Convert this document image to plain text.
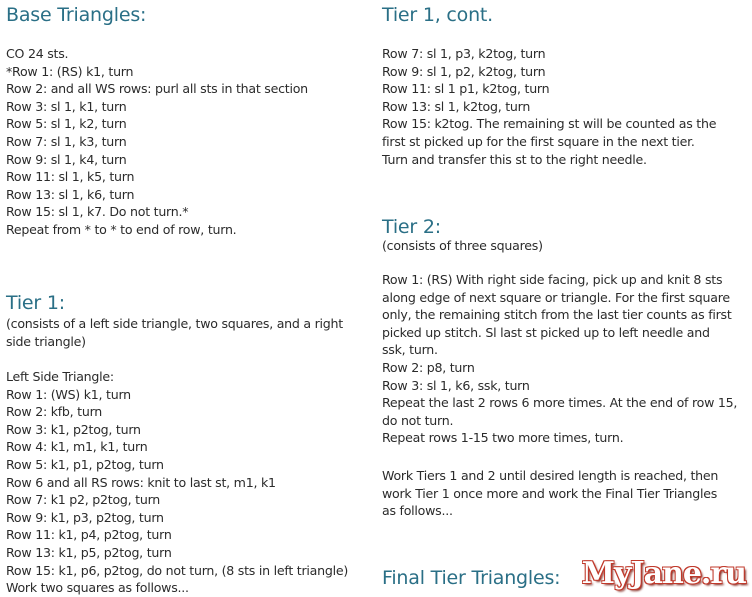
Base Triangles:
CO 24 sts.
*Row 1: (RS) k1, turn
Row 2: and all WS rows: purl all sts in that section
Row 3: sl 1, k1, turn
Row 5: sl 1, k2, turn
Row 7: sl 1, k3, turn
Row 9: sl 1, k4, turn
Row 11: sl 1, k5, turn
Row 13: sl 1, k6, turn
Row 15: sl 1, k7. Do not turn.*
Repeat from * to * to end of row, turn.
Tier 1:
(consists of a left side triangle, two squares, and a right
side triangle)
Left Side Triangle:
Row 1: (WS) k1, turn
Row 2: kfb, turn
Row 3: k1, p2tog, turn
Row 4: k1, m1, k1, turn
Row 5: k1, p1, p2tog, turn
Row 6 and all RS rows: knit to last st, m1, k1
Row 7: k1 p2, p2tog, turn
Row 9: k1, p3, p2tog, turn
Row 11: k1, p4, p2tog, turn
Row 13: k1, p5, p2tog, turn
Row 15: k1, p6, p2tog, do not turn, (8 sts in left triangle)
Work two squares as follows...
Tier 1, cont.
Row 7: sl 1, p3, k2tog, turn
Row 9: sl 1, p2, k2tog, turn
Row 11: sl 1 p1, k2tog, turn
Row 13: sl 1, k2tog, turn
Row 15: k2tog. The remaining st will be counted as the
first st picked up for the first square in the next tier.
Turn and transfer this st to the right needle.
Tier 2:
(consists of three squares)
Row 1: (RS) With right side facing, pick up and knit 8 sts
along edge of next square or triangle. For the first square
only, the remaining stitch from the last tier counts as first
picked up stitch. Sl last st picked up to left needle and
ssk, turn.
Row 2: p8, turn
Row 3: sl 1, k6, ssk, turn
Repeat the last 2 rows 6 more times. At the end of row 15,
do not turn.
Repeat rows 1-15 two more times, turn.
Work Tiers 1 and 2 until desired length is reached, then
work Tier 1 once more and work the Final Tier Triangles
as follows...
Final Tier Triangles: MyJane.ru
